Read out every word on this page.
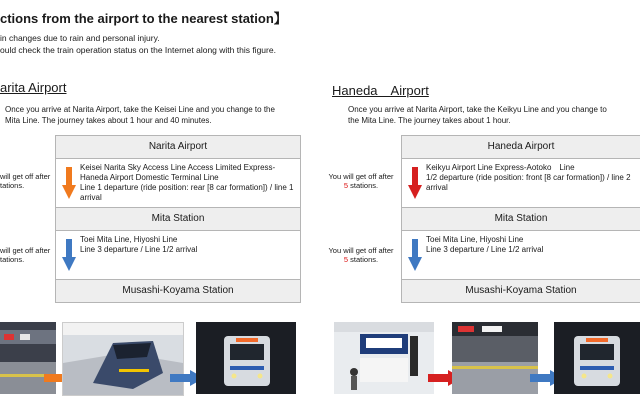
ctions from the airport to the nearest station】
in changes due to rain and personal injury.
ould check the train operation status on the Internet along with this figure.
arita Airport
Once you arrive at Narita Airport, take the Keisei Line and you change to the Mita Line. The journey takes about 1 hour and 40 minutes.
will get off after
tations.
will get off after
tations.
Narita Airport
Keisei Narita Sky Access Line Access Limited Express-Haneda Airport Domestic Terminal Line
Line 1 departure (ride position: rear [8 car formation]) / line 1 arrival
Mita Station
Toei Mita Line, Hiyoshi Line
Line 3 departure / Line 1/2 arrival
Musashi-Koyama Station
Haneda　Airport
Once you arrive at Narita Airport, take the Keikyu Line and you change to the Mita Line. The journey takes about 1 hour.
You will get off after
5 stations.
You will get off after
5 stations.
Haneda Airport
Keikyu Airport Line Express-Aotoko　Line
1/2 departure (ride position: front [8 car formation]) / line 2 arrival
Mita Station
Toei Mita Line, Hiyoshi Line
Line 3 departure / Line 1/2 arrival
Musashi-Koyama Station
